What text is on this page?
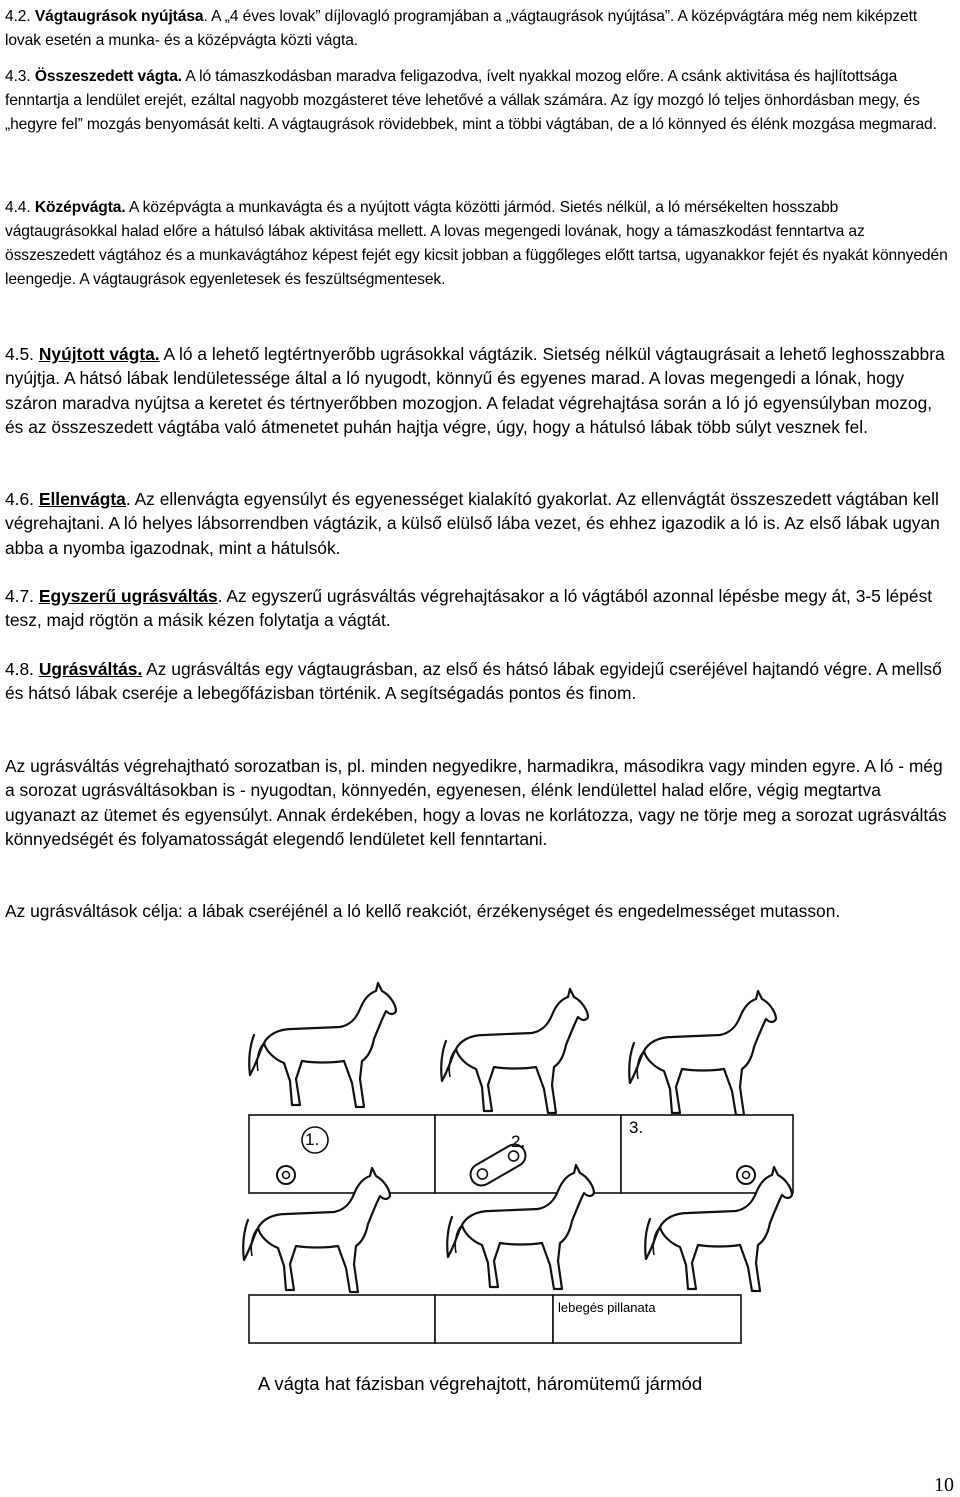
4.2. Vágtaugrások nyújtása. A „4 éves lovak” díjlovagló programjában a „vágtaugrások nyújtása”. A középvágtára még nem kiképzett lovak esetén a munka- és a középvágta közti vágta.

4.3. Összeszedett vágta. A ló támaszkodásban maradva feligazodva, ívelt nyakkal mozog előre. A csánk aktivitása és hajlítottsága fenntartja a lendület erejét, ezáltal nagyobb mozgásteret téve lehetővé a vállak számára. Az így mozgó ló teljes önhordásban megy, és „hegyre fel” mozgás benyomását kelti. A vágtaugrások rövidebbek, mint a többi vágtában, de a ló könnyed és élénk mozgása megmarad.

4.4. Középvágta. A középvágta a munkavágta és a nyújtott vágta közötti jármód. Sietés nélkül, a ló mérsékelten hosszabb vágtaugrásokkal halad előre a hátulsó lábak aktivitása mellett. A lovas megengedi lovának, hogy a támaszkodást fenntartva az összeszedett vágtához és a munkavágtához képest fejét egy kicsit jobban a függőleges előtt tartsa, ugyanakkor fejét és nyakát könnyedén leengedje. A vágtaugrások egyenletesek és feszültségmentesek.

4.5. Nyújtott vágta. A ló a lehető legtértnyerőbb ugrásokkal vágtázik. Sietség nélkül vágtaugrásait a lehető leghosszabbra nyújtja. A hátsó lábak lendületessége által a ló nyugodt, könnyű és egyenes marad. A lovas megengedi a lónak, hogy száron maradva nyújtsa a keretet és tértnyerőbben mozogjon. A feladat végrehajtása során a ló jó egyensúlyban mozog, és az összeszedett vágtába való átmenetet puhán hajtja végre, úgy, hogy a hátulsó lábak több súlyt vesznek fel.

4.6. Ellenvágta. Az ellenvágta egyensúlyt és egyenességet kialakító gyakorlat. Az ellenvágtát összeszedett vágtában kell végrehajtani. A ló helyes lábsorrendben vágtázik, a külső elülső lába vezet, és ehhez igazodik a ló is. Az első lábak ugyan abba a nyomba igazodnak, mint a hátulsók.

4.7. Egyszerű ugrásváltás. Az egyszerű ugrásváltás végrehajtásakor a ló vágtából azonnal lépésbe megy át, 3-5 lépést tesz, majd rögtön a másik kézen folytatja a vágtát.

4.8. Ugrásváltás. Az ugrásváltás egy vágtaugrásban, az első és hátsó lábak egyidejű cseréjével hajtandó végre. A mellső és hátsó lábak cseréje a lebegőfázisban történik. A segítségadás pontos és finom.

Az ugrásváltás végrehajtható sorozatban is, pl. minden negyedikre, harmadikra, másodikra vagy minden egyre. A ló - még a sorozat ugrásváltásokban is - nyugodtan, könnyedén, egyenesen, élénk lendülettel halad előre, végig megtartva ugyanazt az ütemet és egyensúlyt. Annak érdekében, hogy a lovas ne korlátozza, vagy ne törje meg a sorozat ugrásváltás könnyedségét és folyamatosságát elegendő lendületet kell fenntartani.

Az ugrásváltások célja: a lábak cseréjénél a ló kellő reakciót, érzékenységet és engedelmességet mutasson.

1.	2.
3.
lebegés pillanata
A vágta hat fázisban végrehajtott, háromütemű jármód
10
